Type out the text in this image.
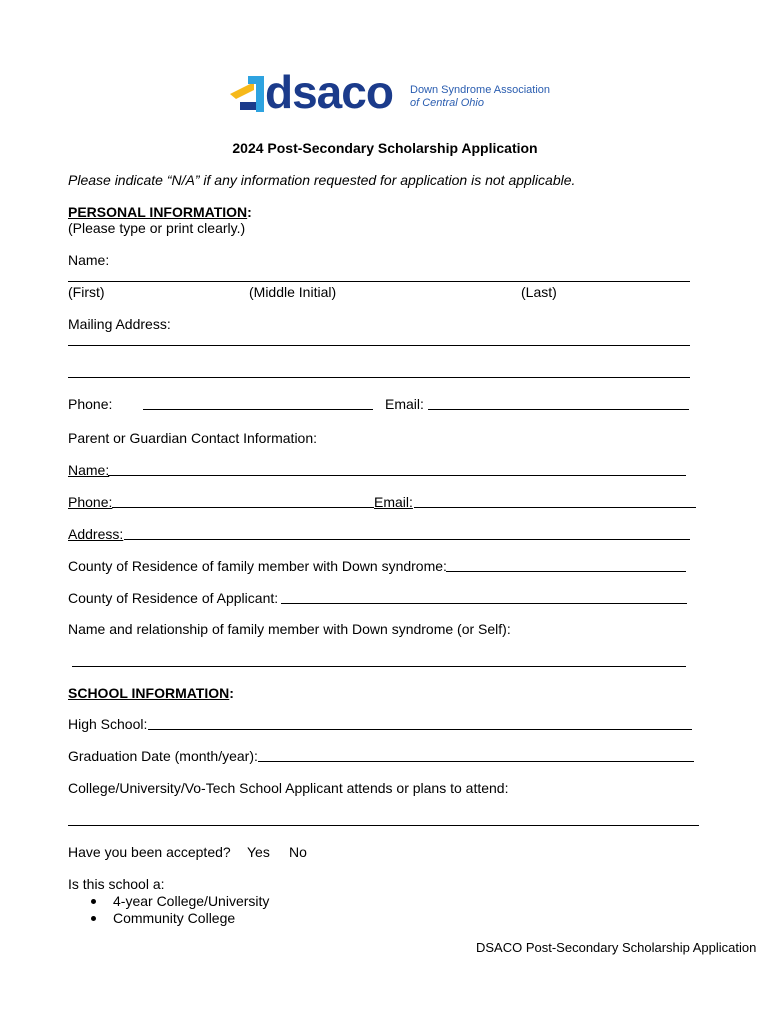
dsaco Down Syndrome Association
of Central Ohio
2024 Post-Secondary Scholarship Application
Please indicate “N/A” if any information requested for application is not applicable.
PERSONAL INFORMATION:
(Please type or print clearly.)
Name:
(First)	(Middle Initial)	(Last)
Mailing Address:
Phone:	Email:
Parent or Guardian Contact Information:
Name:
Phone:	Email:
Address:
County of Residence of family member with Down syndrome:
County of Residence of Applicant:
Name and relationship of family member with Down syndrome (or Self):
SCHOOL INFORMATION:
High School:
Graduation Date (month/year):
College/University/Vo-Tech School Applicant attends or plans to attend:
Have you been accepted? Yes No
Is this school a:
4-year College/University
Community College
DSACO Post-Secondary Scholarship Application
